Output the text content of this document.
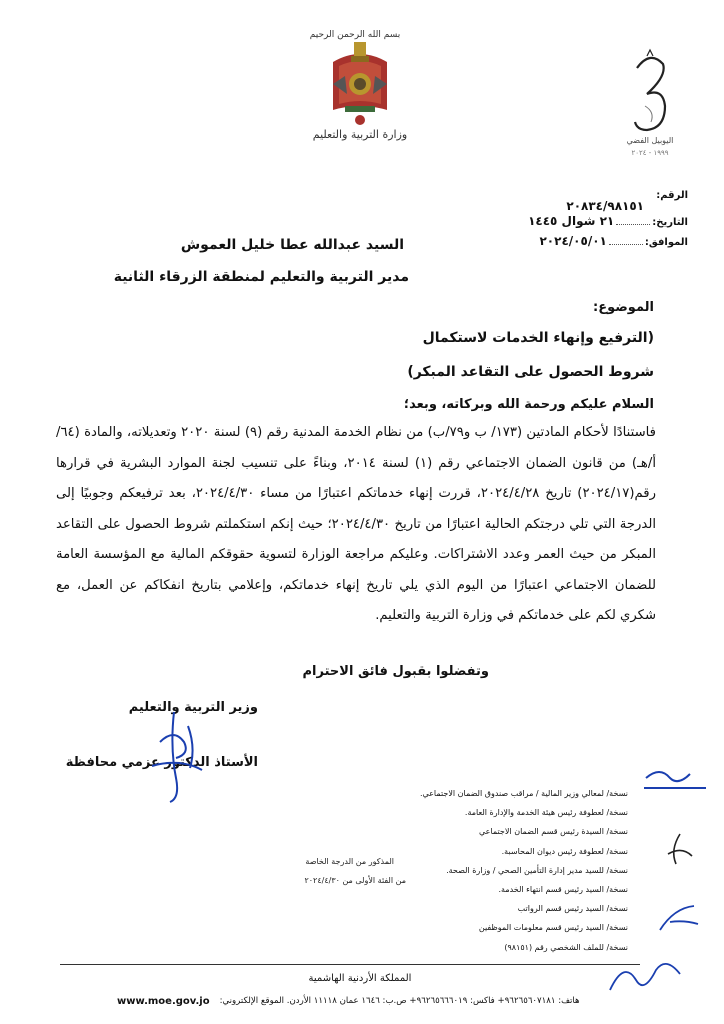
بسم الله الرحمن الرحيم
وزارة التربية والتعليم	اليوبيل الفضي
١٩٩٩ - ٢٠٢٤
الرقم:
٢٠٨٣٤/٩٨١٥١
التاريخ:
٢١ شوال ١٤٤٥
الموافق:
٢٠٢٤/٠٥/٠١
السيد عبدالله عطا خليل العموش
مدير التربية والتعليم لمنطقة الزرقاء الثانية
الموضوع:
(الترفيع وإنهاء الخدمات لاستكمال
شروط الحصول على التقاعد المبكر)
السلام عليكم ورحمة الله وبركاته، وبعد؛
فاستنادًا لأحكام المادتين (١٧٣/ ب و٧٩/ب) من نظام الخدمة المدنية رقم (٩) لسنة ٢٠٢٠ وتعديلاته، والمادة (٦٤/أ/هـ) من قانون الضمان الاجتماعي رقم (١) لسنة ٢٠١٤، وبناءً على تنسيب لجنة الموارد البشرية في قرارها رقم(٢٠٢٤/١٧) تاريخ ٢٠٢٤/٤/٢٨، قررت إنهاء خدماتكم اعتبارًا من مساء ٢٠٢٤/٤/٣٠، بعد ترفيعكم وجوبيًا إلى الدرجة التي تلي درجتكم الحالية اعتبارًا من تاريخ ٢٠٢٤/٤/٣٠؛ حيث إنكم استكملتم شروط الحصول على التقاعد المبكر من حيث العمر وعدد الاشتراكات. وعليكم مراجعة الوزارة لتسوية حقوقكم المالية مع المؤسسة العامة للضمان الاجتماعي اعتبارًا من اليوم الذي يلي تاريخ إنهاء خدماتكم، وإعلامي بتاريخ انفكاكم عن العمل، مع شكري لكم على خدماتكم في وزارة التربية والتعليم.
وتفضلوا بقبول فائق الاحترام
وزير التربية والتعليم
الأستاذ الدكتور عزمي محافظة
المذكور من الدرجة الخاصة
من الفئة الأولى من ٢٠٢٤/٤/٣٠
نسخة/ لمعالي وزير المالية / مراقب صندوق الضمان الاجتماعي.
نسخة/ لعطوفة رئيس هيئة الخدمة والإدارة العامة.
نسخة/ السيدة رئيس قسم الضمان الاجتماعي
نسخة/ لعطوفة رئيس ديوان المحاسبة.
نسخة/ للسيد مدير إدارة التأمين الصحي / وزارة الصحة.
نسخة/ السيد رئيس قسم انتهاء الخدمة.
نسخة/ السيد رئيس قسم الرواتب
نسخة/ السيد رئيس قسم معلومات الموظفين
نسخة/ للملف الشخصي رقم (٩٨١٥١)
المملكة الأردنية الهاشمية
www.moe.gov.jo هاتف: ٩٦٢٦٥٦٠٧١٨١+ فاكس: ٩٦٢٦٥٦٦٦٠١٩+ ص.ب: ١٦٤٦ عمان ١١١١٨ الأردن. الموقع الإلكتروني:
